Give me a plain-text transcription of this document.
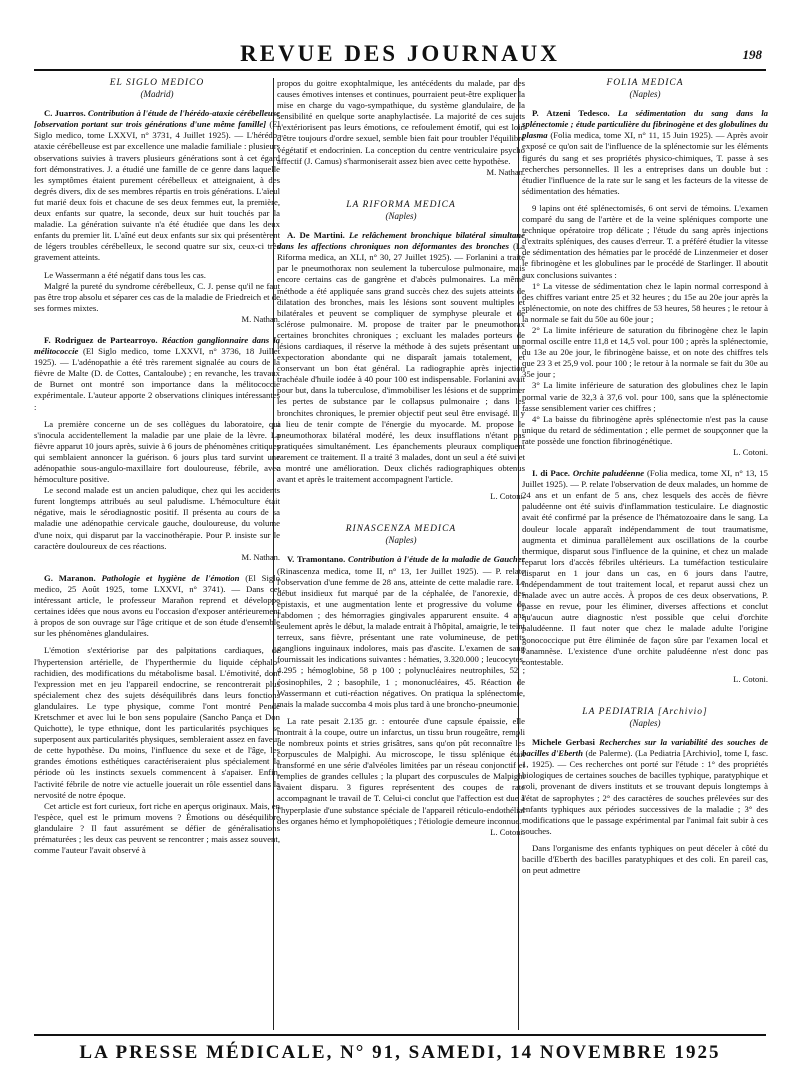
REVUE DES JOURNAUX	198

EL SIGLO MEDICO

(Madrid)

C. Juarros. Contribution à l'étude de l'hérédo-ataxie cérébelleuse [observation portant sur trois générations d'une même famille] (El Siglo medico, tome LXXVI, n° 3731, 4 Juillet 1925). — L'hérédo-ataxie cérébelleuse est par excellence une maladie familiale : plusieurs observations suivies à travers plusieurs générations sont à cet égard fort démonstratives. J. a étudié une famille de ce genre dans laquelle les symptômes étaient purement cérébelleux et atteignaient, à des degrés divers, dix de ses membres répartis en trois générations. L'aïeul fut marié deux fois et chacune de ses deux femmes eut, la première, deux enfants sur quatre, la seconde, deux sur huit touchés par la maladie. La génération suivante n'a été étudiée que dans les deux enfants du premier lit. L'aîné eut deux enfants sur six qui présentèrent de légers troubles cérébelleux, le second quatre sur six, ceux-ci très gravement atteints.

Le Wassermann a été négatif dans tous les cas.

Malgré la pureté du syndrome cérébelleux, C. J. pense qu'il ne faut pas être trop absolu et séparer ces cas de la maladie de Friedreich et de ses formes mixtes.

M. Nathan.

F. Rodriguez de Partearroyo. Réaction ganglionnaire dans la mélitococcie (El Siglo medico, tome LXXVI, n° 3736, 18 Juillet 1925). — L'adénopathie a été très rarement signalée au cours de la fièvre de Malte (D. de Cottes, Cantaloube) ; en revanche, les travaux de Burnet ont montré son importance dans la mélitococcie expérimentale. L'auteur apporte 2 observations cliniques intéressantes :

La première concerne un de ses collègues du laboratoire, qui s'inocula accidentellement la maladie par une plaie de la lèvre. La fièvre apparut 10 jours après, suivie à 6 jours de phénomènes critiques qui semblaient annoncer la guérison. 6 jours plus tard survint une adénopathie sous-angulo-maxillaire fort douloureuse, fébrile, avec hémoculture positive.

Le second malade est un ancien paludique, chez qui les accidents furent longtemps attribués au seul paludisme. L'hémoculture était négative, mais le sérodiagnostic positif. Il présenta au cours de sa maladie une adénopathie cervicale gauche, douloureuse, du volume d'une noix, qui disparut par la vaccinothérapie. Pour P. insiste sur le caractère douloureux de ces réactions.

M. Nathan.

G. Maranon. Pathologie et hygiène de l'émotion (El Siglo medico, 25 Août 1925, tome LXXVI, n° 3741). — Dans cet intéressant article, le professeur Marañon reprend et développe certaines idées que nous avons eu l'occasion d'exposer antérieurement à propos de son ouvrage sur l'âge critique et de son étude d'ensemble sur les phénomènes glandulaires.

L'émotion s'extériorise par des palpitations cardiaques, de l'hypertension artérielle, de l'hyperthermie du liquide céphalo-rachidien, des modifications du métabolisme basal. L'émotivité, dont l'expression met en jeu l'appareil endocrine, se rencontrerait plus spécialement chez des sujets déséquilibrés dans leurs fonctions glandulaires. Le type physique, comme l'ont montré Pende Kretschmer et avec lui le bon sens populaire (Sancho Pança et Don Quichotte), le type ethnique, dont les particularités psychiques se superposent aux particularités physiques, sembleraient assez en faveur de cette hypothèse. Du moins, l'influence du sexe et de l'âge, les grandes émotions esthétiques caractériseraient plus spécialement la période où les instincts sexuels commencent à s'apaiser. Enfin, l'activité fébrile de notre vie actuelle jouerait un rôle essentiel dans la nervosité de notre époque.

Cet article est fort curieux, fort riche en aperçus originaux. Mais, en l'espèce, quel est le primum movens ? Émotions ou déséquilibre glandulaire ? Il faut assurément se défier de généralisations prématurées ; les deux cas peuvent se rencontrer ; mais assez souvent, comme l'auteur l'avait observé à

propos du goitre exophtalmique, les antécédents du malade, par des causes émotives intenses et continues, pourraient peut-être expliquer la mise en charge du vago-sympathique, du système glandulaire, de la sensibilité en quelque sorte anaphylactisée. La majorité de ces sujets n'extériorisent pas leurs émotions, ce refoulement émotif, qui est loin d'être toujours d'ordre sexuel, semble bien fait pour troubler l'équilibre végétatif et endocrinien. La conception du centre ventriculaire psycho affectif (J. Camus) s'harmoniserait assez bien avec cette hypothèse.

M. Nathan.

LA RIFORMA MEDICA

(Naples)

A. De Martini. Le relâchement bronchique bilatéral simultané dans les affections chroniques non déformantes des bronches (La Riforma medica, an XLI, n° 30, 27 Juillet 1925). — Forlanini a traité par le pneumothorax non seulement la tuberculose pulmonaire, mais encore certains cas de gangrène et d'abcès pulmonaires. La même méthode a été appliquée sans grand succès chez des sujets atteints de dilatation des bronches, mais les lésions sont souvent multiples et bilatérales et peuvent se compliquer de symphyse pleurale et de sclérose pulmonaire. M. propose de traiter par le pneumothorax certaines bronchites chroniques ; excluant les malades porteurs de lésions cardiaques, il réserve la méthode à des sujets présentant une expectoration abondante qui ne disparaît jamais totalement, et conservant un bon état général. La radiographie après injection trachéale d'huile iodée à 40 pour 100 est indispensable. Forlanini avait pour but, dans la tuberculose, d'immobiliser les lésions et de supprimer les pertes de substance par le collapsus pulmonaire ; dans les bronchites chroniques, le premier objectif peut seul être envisagé. Il y a lieu de tenir compte de l'énergie du myocarde. M. propose le pneumothorax bilatéral modéré, les deux insufflations n'étant pas pratiquées simultanément. Les épanchements pleuraux compliquent rarement ce traitement. Il a traité 3 malades, dont un seul a été suivi et a montré une amélioration. Deux clichés radiographiques obtenus avant et après le traitement accompagnent l'article.

L. Cotoni.

RINASCENZA MEDICA

(Naples)

V. Tramontano. Contribution à l'étude de la maladie de Gaucher (Rinascenza medica, tome II, n° 13, 1er Juillet 1925). — P. relate l'observation d'une femme de 28 ans, atteinte de cette maladie rare. Le début insidieux fut marqué par de la céphalée, de l'anorexie, des épistaxis, et une augmentation lente et progressive du volume de l'abdomen ; des hémorragies gingivales apparurent ensuite. 4 ans seulement après le début, la malade entrait à l'hôpital, amaigrie, le teint terreux, sans fièvre, présentant une rate volumineuse, de petits ganglions inguinaux indolores, mais pas d'ascite. L'examen de sang fournissait les indications suivantes : hématies, 3.320.000 ; leucocytes, 4.295 ; hémoglobine, 58 p 100 ; polynucléaires neutrophiles, 52 ; éosinophiles, 2 ; basophile, 1 ; mononucléaires, 45. Réaction de Wassermann et cuti-réaction négatives. On pratiqua la splénectomie, mais la malade succomba 4 mois plus tard à une broncho-pneumonie.

La rate pesait 2.135 gr. : entourée d'une capsule épaissie, elle montrait à la coupe, outre un infarctus, un tissu brun rougeâtre, rempli de nombreux points et stries grisâtres, sans qu'on pût reconnaître les corpuscules de Malpighi. Au microscope, le tissu splénique était transformé en une série d'alvéoles limitées par un réseau conjonctif et remplies de grandes cellules ; la plupart des corpuscules de Malpighi avaient disparu. 3 figures représentent des coupes de rate accompagnant le travail de T. Celui-ci conclut que l'affection est due à l'hyperplasie d'une substance spéciale de l'appareil réticulo-endothélial des organes hémo et lymphopoïétiques ; l'étiologie demeure inconnue.

L. Cotoni.

FOLIA MEDICA

(Naples)

P. Atzeni Tedesco. La sédimentation du sang dans la splénectomie ; étude particulière du fibrinogène et des globulines du plasma (Folia medica, tome XI, n° 11, 15 Juin 1925). — Après avoir exposé ce qu'on sait de l'influence de la splénectomie sur les éléments figurés du sang et ses propriétés physico-chimiques, T. passe à ses recherches personnelles. Il les a entreprises dans un double but : étudier l'influence de la rate sur le sang et les facteurs de la vitesse de sédimentation des hématies.

9 lapins ont été splénectomisés, 6 ont servi de témoins. L'examen comparé du sang de l'artère et de la veine spléniques comporte une technique opératoire trop délicate ; l'étude du sang après injections d'extraits spléniques, des causes d'erreur. T. a préféré étudier la vitesse de sédimentation des hématies par le procédé de Linzenmeier et doser le fibrinogène et les globulines par le procédé de Starlinger. Il aboutit aux conclusions suivantes :

1° La vitesse de sédimentation chez le lapin normal correspond à des chiffres variant entre 25 et 32 heures ; du 15e au 20e jour après la splénectomie, on note des chiffres de 53 heures, 58 heures ; le retour à la normale se fait du 50e au 60e jour ;

2° La limite inférieure de saturation du fibrinogène chez le lapin normal oscille entre 11,8 et 14,5 vol. pour 100 ; après la splénectomie, du 13e au 20e jour, le fibrinogène baisse, et on note des chiffres tels que 23 3 et 25,9 vol. pour 100 ; le retour à la normale se fait du 30e au 35e jour ;

3° La limite inférieure de saturation des globulines chez le lapin normal varie de 32,3 à 37,6 vol. pour 100, sans que la splénectomie fasse sensiblement varier ces chiffres ;

4° La baisse du fibrinogène après splénectomie n'est pas la cause unique du retard de sédimentation ; elle permet de soupçonner que la rate possède une fonction fibrinogénétique.

L. Cotoni.

I. di Pace. Orchite paludéenne (Folia medica, tome XI, n° 13, 15 Juillet 1925). — P. relate l'observation de deux malades, un homme de 24 ans et un enfant de 5 ans, chez lesquels des accès de fièvre paludéenne ont été suivis d'inflammation testiculaire. Le diagnostic avait été confirmé par la présence de l'hématozoaire dans le sang. La douleur locale apparaît indépendamment de tout traumatisme, augmenta et diminua parallèlement aux oscillations de la courbe thermique, disparut sous l'influence de la quinine, et chez un malade reparut lors d'accès fébriles ultérieurs. La tuméfaction testiculaire disparut en 1 jour dans un cas, en 6 jours dans l'autre, indépendamment de tout traitement local, et reparut aussi chez un malade avec un autre accès. À propos de ces deux observations, P. passe en revue, pour les éliminer, diverses affections et conclut qu'aucun autre diagnostic n'est possible que celui d'orchite paludéenne. Il faut noter que chez le malade adulte l'origine gonococcique put être éliminée de façon sûre par l'examen local et l'anamnèse. L'existence d'une orchite paludéenne n'est donc pas contestable.

L. Cotoni.

LA PEDIATRIA [Archivio]

(Naples)

Michele Gerbasi Recherches sur la variabilité des souches de bacilles d'Eberth (de Palerme). (La Pediatria [Archivio], tome I, fasc. 1, 1925). — Ces recherches ont porté sur l'étude : 1° des propriétés biologiques de certaines souches de bacilles typhique, paratyphique et coli, provenant de divers instituts et se trouvant depuis longtemps à l'état de saprophytes ; 2° des caractères de souches prélevées sur des enfants typhiques aux périodes successives de la maladie ; 3° des modifications que le passage expérimental par l'animal fait subir à ces souches.

Dans l'organisme des enfants typhiques on peut déceler à côté du bacille d'Eberth des bacilles paratyphiques et des coli. En pareil cas, on peut admettre

LA PRESSE MÉDICALE, N° 91, SAMEDI, 14 NOVEMBRE 1925
